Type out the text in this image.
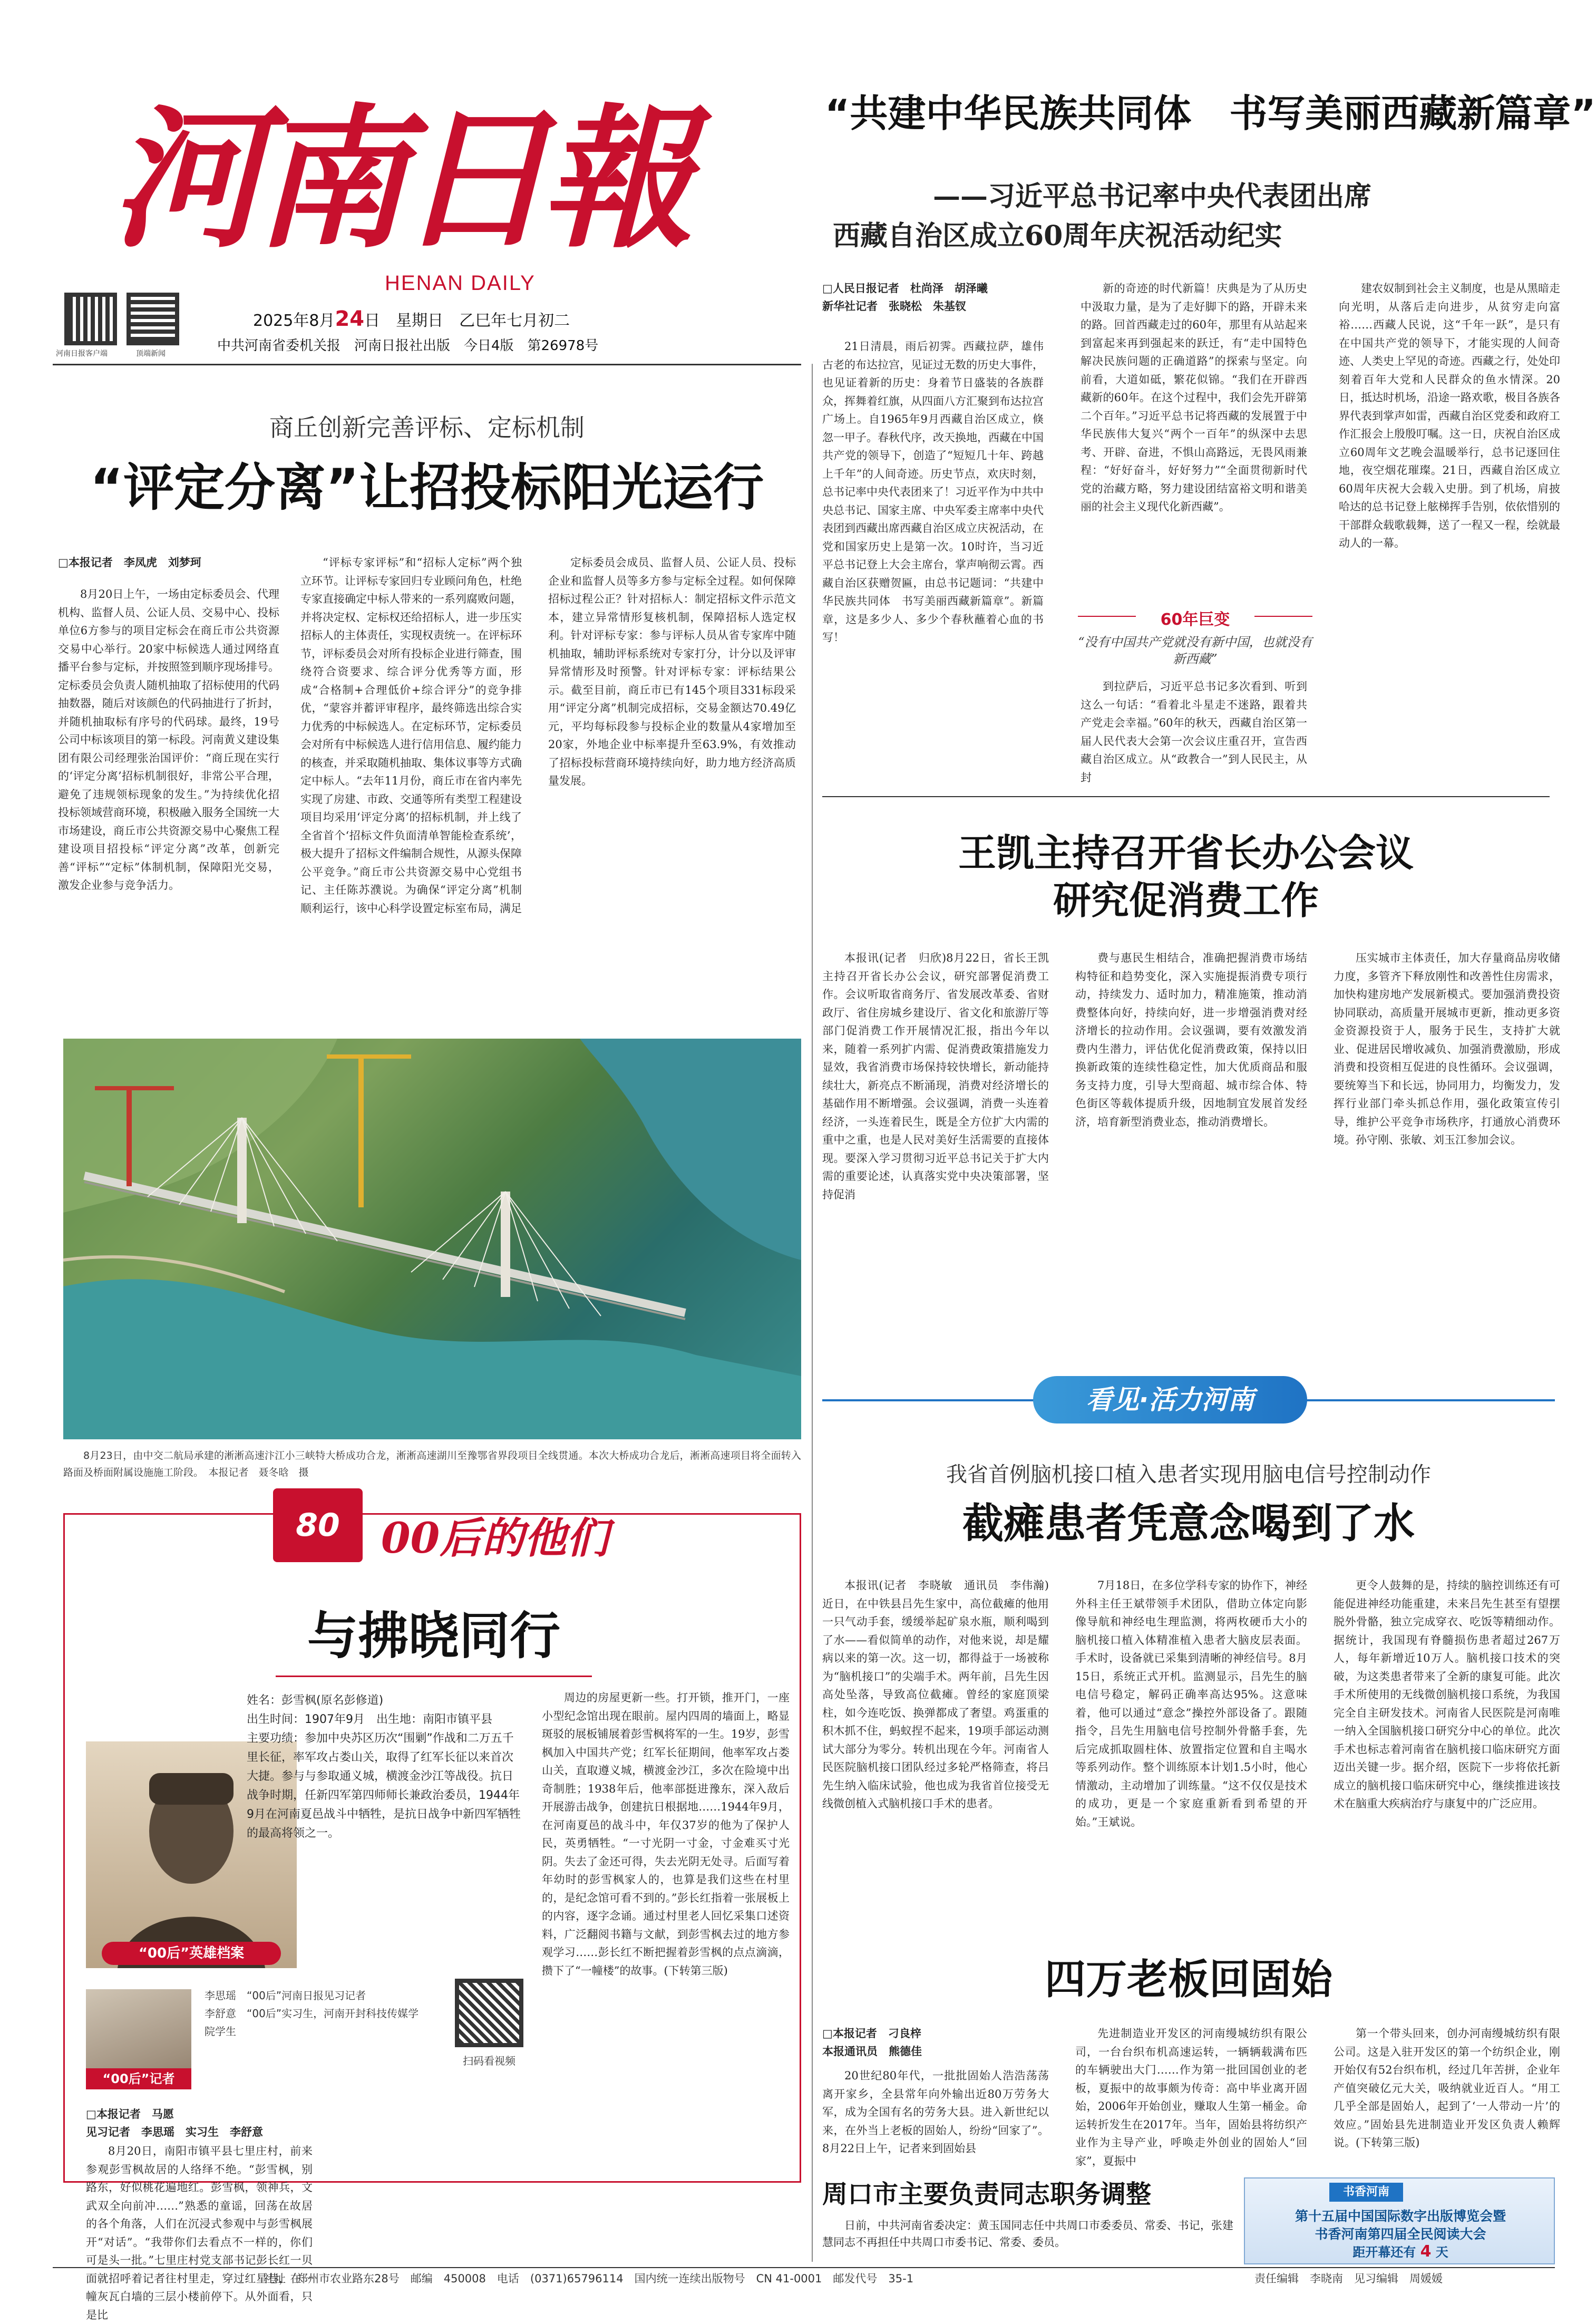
河南日報
HENAN DAILY
河南日报客户端	顶端新闻
2025年8月24日　星期日　乙巳年七月初二
中共河南省委机关报　河南日报社出版　今日4版　第26978号
“共建中华民族共同体　书写美丽西藏新篇章”
——习近平总书记率中央代表团出席
西藏自治区成立60周年庆祝活动纪实
□人民日报记者　杜尚泽　胡泽曦
新华社记者　张晓松　朱基钗

21日清晨，雨后初霁。西藏拉萨，雄伟古老的布达拉宫，见证过无数的历史大事件，也见证着新的历史：身着节日盛装的各族群众，挥舞着红旗，从四面八方汇聚到布达拉宫广场上。自1965年9月西藏自治区成立，倏忽一甲子。春秋代序，改天换地，西藏在中国共产党的领导下，创造了“短短几十年、跨越上千年”的人间奇迹。历史节点，欢庆时刻，总书记率中央代表团来了！习近平作为中共中央总书记、国家主席、中央军委主席率中央代表团到西藏出席西藏自治区成立庆祝活动，在党和国家历史上是第一次。10时许，当习近平总书记登上大会主席台，掌声响彻云霄。西藏自治区获赠贺匾，由总书记题词：“共建中华民族共同体　书写美丽西藏新篇章”。新篇章，这是多少人、多少个春秋蘸着心血的书写！

新的奇迹的时代新篇！庆典是为了从历史中汲取力量，是为了走好脚下的路，开辟未来的路。回首西藏走过的60年，那里有从站起来到富起来再到强起来的跃迁，有“走中国特色解决民族问题的正确道路”的探索与坚定。向前看，大道如砥，繁花似锦。“我们在开辟西藏新的60年。在这个过程中，我们会先开辟第二个百年。”习近平总书记将西藏的发展置于中华民族伟大复兴“两个一百年”的纵深中去思考、开辟、奋进，不惧山高路远，无畏风雨兼程：“好好奋斗，好好努力”“全面贯彻新时代党的治藏方略，努力建设团结富裕文明和谐美丽的社会主义现代化新西藏”。

建农奴制到社会主义制度，也是从黑暗走向光明，从落后走向进步，从贫穷走向富裕……西藏人民说，这“千年一跃”，是只有在中国共产党的领导下，才能实现的人间奇迹、人类史上罕见的奇迹。西藏之行，处处印刻着百年大党和人民群众的鱼水情深。20日，抵达时机场，沿途一路欢歌，极目各族各界代表到掌声如雷，西藏自治区党委和政府工作汇报会上殷殷叮嘱。这一日，庆祝自治区成立60周年文艺晚会温暖举行，总书记逐回住地，夜空烟花璀璨。21日，西藏自治区成立60周年庆祝大会载入史册。到了机场，肩披哈达的总书记登上舷梯挥手告别，依依惜别的干部群众载歌载舞，送了一程又一程，绘就最动人的一幕。

60年巨变
“没有中国共产党就没有新中国，也就没有新西藏”

到拉萨后，习近平总书记多次看到、听到这么一句话：“看着北斗星走不迷路，跟着共产党走会幸福。”60年的秋天，西藏自治区第一届人民代表大会第一次会议庄重召开，宣告西藏自治区成立。从“政教合一”到人民民主，从封

商丘创新完善评标、定标机制
“评定分离”让招投标阳光运行
□本报记者　李凤虎　刘梦珂

8月20日上午，一场由定标委员会、代理机构、监督人员、公证人员、交易中心、投标单位6方参与的项目定标会在商丘市公共资源交易中心举行。20家中标候选人通过网络直播平台参与定标，并按照签到顺序现场排号。定标委员会负责人随机抽取了招标使用的代码抽数器，随后对该颜色的代码抽进行了折封，并随机抽取标有序号的代码球。最终，19号公司中标该项目的第一标段。河南黄义建设集团有限公司经理张治国评价：“商丘现在实行的‘评定分离’招标机制很好，非常公平合理，避免了违规领标现象的发生。”为持续优化招投标领域营商环境，积极融入服务全国统一大市场建设，商丘市公共资源交易中心聚焦工程建设项目招投标“评定分离”改革，创新完善“评标”“定标”体制机制，保障阳光交易，激发企业参与竞争活力。

“评标专家评标”和“招标人定标”两个独立环节。让评标专家回归专业顾问角色，杜绝专家直接确定中标人带来的一系列腐败问题，并将决定权、定标权还给招标人，进一步压实招标人的主体责任，实现权责统一。在评标环节，评标委员会对所有投标企业进行筛查，围绕符合资要求、综合评分优秀等方面，形成“合格制+合理低价+综合评分”的竞争排优，“蒙容并蓄评审程序，最终筛选出综合实力优秀的中标候选人。在定标环节，定标委员会对所有中标候选人进行信用信息、履约能力的核查，并采取随机抽取、集体议事等方式确定中标人。“去年11月份，商丘市在省内率先实现了房建、市政、交通等所有类型工程建设项目均采用‘评定分离’的招标机制，并上线了全省首个‘招标文件负面清单智能检查系统’，极大提升了招标文件编制合规性，从源头保障公平竞争。”商丘市公共资源交易中心党组书记、主任陈苏濮说。为确保“评定分离”机制顺利运行，该中心科学设置定标室布局，满足

定标委员会成员、监督人员、公证人员、投标企业和监督人员等多方参与定标全过程。如何保障招标过程公正？针对招标人：制定招标文件示范文本，建立异常情形复核机制，保障招标人选定权利。针对评标专家：参与评标人员从省专家库中随机抽取，辅助评标系统对专家打分，计分以及评审异常情形及时预警。针对评标专家：评标结果公示。截至目前，商丘市已有145个项目331标段采用“评定分离”机制完成招标，交易金额达70.49亿元，平均每标段参与投标企业的数量从4家增加至20家，外地企业中标率提升至63.9%，有效推动了招标投标营商环境持续向好，助力地方经济高质量发展。

8月23日，由中交二航局承建的淅淅高速汴江小三峡特大桥成功合龙，淅淅高速湖川至豫鄂省界段项目全线贯通。本次大桥成功合龙后，淅淅高速项目将全面转入路面及桥面附属设施施工阶段。　本报记者　聂冬晗　摄
王凯主持召开省长办公会议
研究促消费工作

本报讯(记者　归欣)8月22日，省长王凯主持召开省长办公会议，研究部署促消费工作。会议听取省商务厅、省发展改革委、省财政厅、省住房城乡建设厅、省文化和旅游厅等部门促消费工作开展情况汇报，指出今年以来，随着一系列扩内需、促消费政策措施发力显效，我省消费市场保持较快增长，新动能持续壮大，新亮点不断涌现，消费对经济增长的基础作用不断增强。会议强调，消费一头连着经济，一头连着民生，既是全方位扩大内需的重中之重，也是人民对美好生活需要的直接体现。要深入学习贯彻习近平总书记关于扩大内需的重要论述，认真落实党中央决策部署，坚持促消

费与惠民生相结合，准确把握消费市场结构特征和趋势变化，深入实施提振消费专项行动，持续发力、适时加力，精准施策，推动消费整体向好，持续向好，进一步增强消费对经济增长的拉动作用。会议强调，要有效激发消费内生潜力，评估优化促消费政策，保持以旧换新政策的连续性稳定性，加大优质商品和服务支持力度，引导大型商超、城市综合体、特色街区等载体提质升级，因地制宜发展首发经济，培育新型消费业态，推动消费增长。

压实城市主体责任，加大存量商品房收储力度，多管齐下释放刚性和改善性住房需求，加快构建房地产发展新模式。要加强消费投资协同联动，高质量开展城市更新，推动更多资金资源投资于人，服务于民生，支持扩大就业、促进居民增收减负、加强消费激励，形成消费和投资相互促进的良性循环。会议强调，要统筹当下和长远，协同用力，均衡发力，发挥行业部门牵头抓总作用，强化政策宣传引导，维护公平竞争市场秩序，打通放心消费环境。孙守刚、张敏、刘玉江参加会议。

看见·活力河南
我省首例脑机接口植入患者实现用脑电信号控制动作
截瘫患者凭意念喝到了水

本报讯(记者　李晓敏　通讯员　李伟瀚)近日，在中铁县吕先生家中，高位截瘫的他用一只气动手套，缓缓举起矿泉水瓶，顺利喝到了水——看似简单的动作，对他来说，却是耀病以来的第一次。这一切，都得益于一场被称为“脑机接口”的尖端手术。两年前，吕先生因高处坠落，导致高位截瘫。曾经的家庭顶梁柱，如今连吃饭、换弹都成了奢望。鸡蛋重的积木抓不住，蚂蚁捏不起来，19项手部运动测试大部分为零分。转机出现在今年。河南省人民医院脑机接口团队经过多轮严格筛查，将吕先生纳入临床试验，他也成为我省首位接受无线微创植入式脑机接口手术的患者。

7月18日，在多位学科专家的协作下，神经外科主任王斌带领手术团队，借助立体定向影像导航和神经电生理监测，将两枚硬币大小的脑机接口植入体精准植入患者大脑皮层表面。手术时，设备就已采集到清晰的神经信号。8月15日，系统正式开机。监测显示，吕先生的脑电信号稳定，解码正确率高达95%。这意味着，他可以通过“意念”操控外部设备了。跟随指令，吕先生用脑电信号控制外骨骼手套，先后完成抓取圆柱体、放置指定位置和自主喝水等系列动作。整个训练原本计划1.5小时，他心情激动，主动增加了训练量。“这不仅仅是技术的成功，更是一个家庭重新看到希望的开始。”王斌说。

更令人鼓舞的是，持续的脑控训练还有可能促进神经功能重建，未来吕先生甚至有望摆脱外骨骼，独立完成穿衣、吃饭等精细动作。据统计，我国现有脊髓损伤患者超过267万人，每年新增近10万人。脑机接口技术的突破，为这类患者带来了全新的康复可能。此次手术所使用的无线微创脑机接口系统，为我国完全自主研发技术。河南省人民医院是河南唯一纳入全国脑机接口研究分中心的单位。此次手术也标志着河南省在脑机接口临床研究方面迈出关键一步。据介绍，医院下一步将依托新成立的脑机接口临床研究中心，继续推进该技术在脑重大疾病治疗与康复中的广泛应用。

80 00后的他们
与拂晓同行
“00后”英雄档案
姓名：彭雪枫(原名彭修道)
出生时间：1907年9月　出生地：南阳市镇平县
主要功绩：参加中央苏区历次“围剿”作战和二万五千里长征，率军攻占娄山关，取得了红军长征以来首次大捷。参与与参取通义城，横渡金沙江等战役。抗日战争时期，任新四军第四师师长兼政治委员，1944年9月在河南夏邑战斗中牺牲，是抗日战争中新四军牺牲的最高将领之一。
“00后”记者
李思瑶　“00后”河南日报见习记者
李舒意　“00后”实习生，河南开封科技传媒学院学生
扫码看视频
□本报记者　马愿
见习记者　李思瑶　实习生　李舒意

8月20日，南阳市镇平县七里庄村，前来参观彭雪枫故居的人络绎不绝。“彭雪枫，别路东，好似桃花遍地红。彭雪枫，领神兵，文武双全向前冲……”熟悉的童谣，回荡在故居的各个角落，人们在沉浸式参观中与彭雪枫展开“对话”。“我带你们去看点不一样的，你们可是头一批。”七里庄村党支部书记彭长红一贝面就招呼着记者往村里走，穿过红星巷，在一幢灰瓦白墙的三层小楼前停下。从外面看，只是比

周边的房屋更新一些。打开锁，推开门，一座小型纪念馆出现在眼前。屋内四周的墙面上，略显斑驳的展板铺展着彭雪枫将军的一生。19岁，彭雪枫加入中国共产党；红军长征期间，他率军攻占娄山关，直取遵义城，横渡金沙江，多次在险境中出奇制胜；1938年后，他率部挺进豫东，深入敌后开展游击战争，创建抗日根据地……1944年9月，在河南夏邑的战斗中，年仅37岁的他为了保护人民，英勇牺牲。“一寸光阴一寸金，寸金难买寸光阴。失去了金还可得，失去光阴无处寻。后面写着年幼时的彭雪枫家人的，也算是我们这些在村里的，是纪念馆可看不到的。”彭长红指着一张展板上的内容，逐字念诵。通过村里老人回忆采集口述资料，广泛翻阅书籍与文献，到彭雪枫去过的地方参观学习……彭长红不断把握着彭雪枫的点点滴滴，攒下了“一幢楼”的故事。(下转第三版)	四万老板回固始
□本报记者　刁良梓
本报通讯员　熊德佳

20世纪80年代，一批批固始人浩浩荡荡离开家乡，全县常年向外输出近80万劳务大军，成为全国有名的劳务大县。进入新世纪以来，在外当上老板的固始人，纷纷“回家了”。8月22日上午，记者来到固始县

先进制造业开发区的河南缦城纺织有限公司，一台台织布机高速运转，一辆辆载满布匹的车辆驶出大门……作为第一批回国创业的老板，夏振中的故事颇为传奇：高中毕业离开固始，2006年开始创业，赚取人生第一桶金。命运转折发生在2017年。当年，固始县将纺织产业作为主导产业，呼唤走外创业的固始人“回家”，夏振中

第一个带头回来，创办河南缦城纺织有限公司。这是入驻开发区的第一个纺织企业，刚开始仅有52台织布机，经过几年苦拼，企业年产值突破亿元大关，吸纳就业近百人。“用工几乎全部是固始人，起到了‘一人带动一片’的效应。”固始县先进制造业开发区负责人赖辉说。(下转第三版)

周口市主要负责同志职务调整
日前，中共河南省委决定：黄玉国同志任中共周口市委委员、常委、书记，张建慧同志不再担任中共周口市委书记、常委、委员。
书香河南
第十五届中国国际数字出版博览会暨
书香河南第四届全民阅读大会
距开幕还有 4 天
社址　郑州市农业路东28号　邮编　450008　电话　(0371)65796114　国内统一连续出版物号　CN 41-0001　邮发代号　35-1	责任编辑　李晓南　见习编辑　周媛媛
